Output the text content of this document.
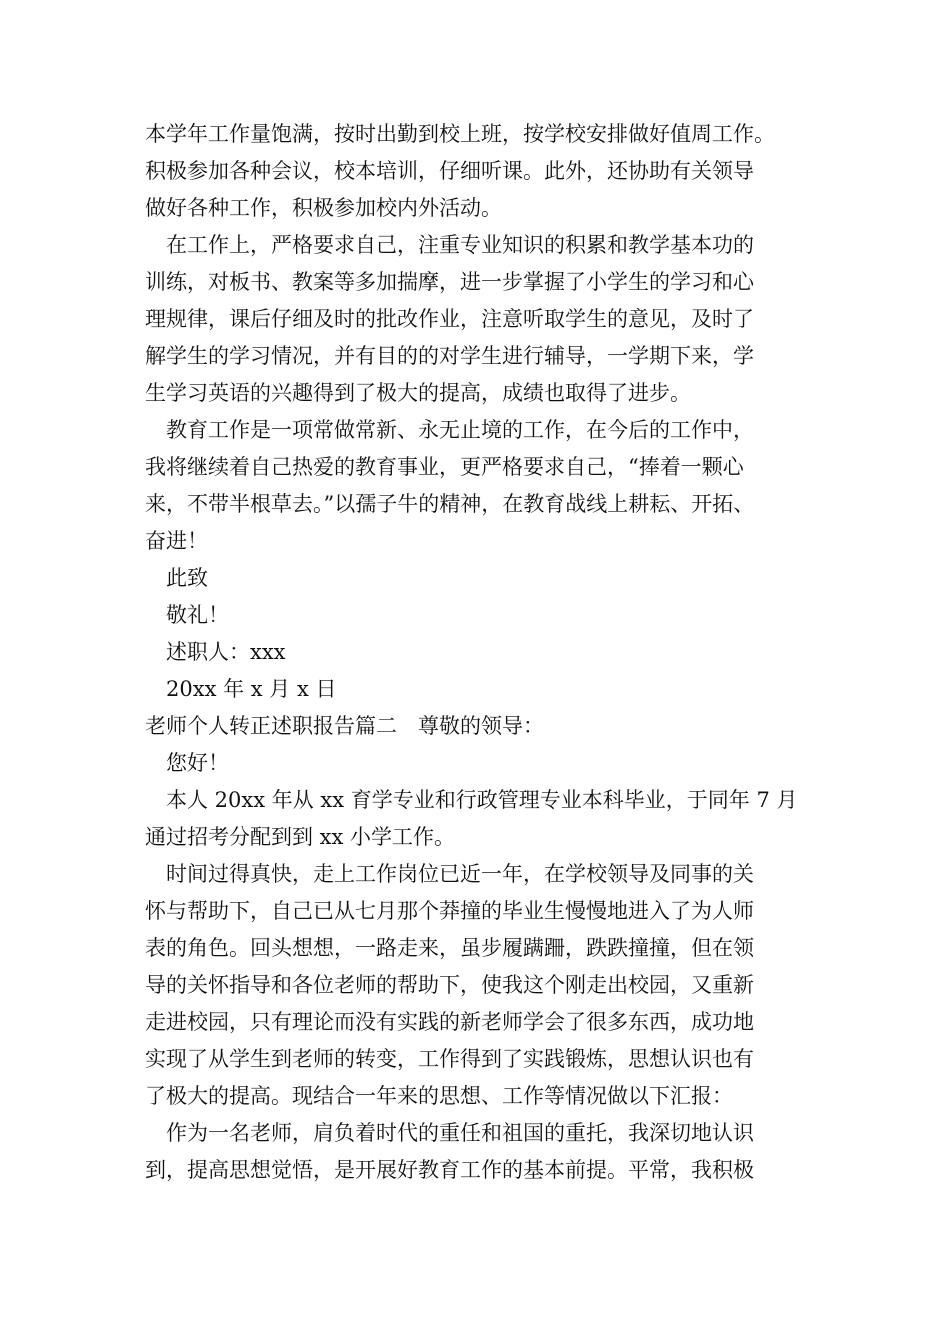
本学年工作量饱满，按时出勤到校上班，按学校安排做好值周工作。
积极参加各种会议，校本培训，仔细听课。此外，还协助有关领导
做好各种工作，积极参加校内外活动。
在工作上，严格要求自己，注重专业知识的积累和教学基本功的
训练，对板书、教案等多加揣摩，进一步掌握了小学生的学习和心
理规律，课后仔细及时的批改作业，注意听取学生的意见，及时了
解学生的学习情况，并有目的的对学生进行辅导，一学期下来，学
生学习英语的兴趣得到了极大的提高，成绩也取得了进步。
教育工作是一项常做常新、永无止境的工作，在今后的工作中，
我将继续着自己热爱的教育事业，更严格要求自己，“捧着一颗心
来，不带半根草去。”以孺子牛的精神，在教育战线上耕耘、开拓、
奋进！
此致
敬礼！
述职人：xxx
20xx 年 x 月 x 日
老师个人转正述职报告篇二　尊敬的领导：
您好！
本人 20xx 年从 xx 育学专业和行政管理专业本科毕业，于同年 7 月
通过招考分配到到 xx 小学工作。
时间过得真快，走上工作岗位已近一年，在学校领导及同事的关
怀与帮助下，自己已从七月那个莽撞的毕业生慢慢地进入了为人师
表的角色。回头想想，一路走来，虽步履蹒跚，跌跌撞撞，但在领
导的关怀指导和各位老师的帮助下，使我这个刚走出校园，又重新
走进校园，只有理论而没有实践的新老师学会了很多东西，成功地
实现了从学生到老师的转变，工作得到了实践锻炼，思想认识也有
了极大的提高。现结合一年来的思想、工作等情况做以下汇报：
作为一名老师，肩负着时代的重任和祖国的重托，我深切地认识
到，提高思想觉悟，是开展好教育工作的基本前提。平常，我积极
